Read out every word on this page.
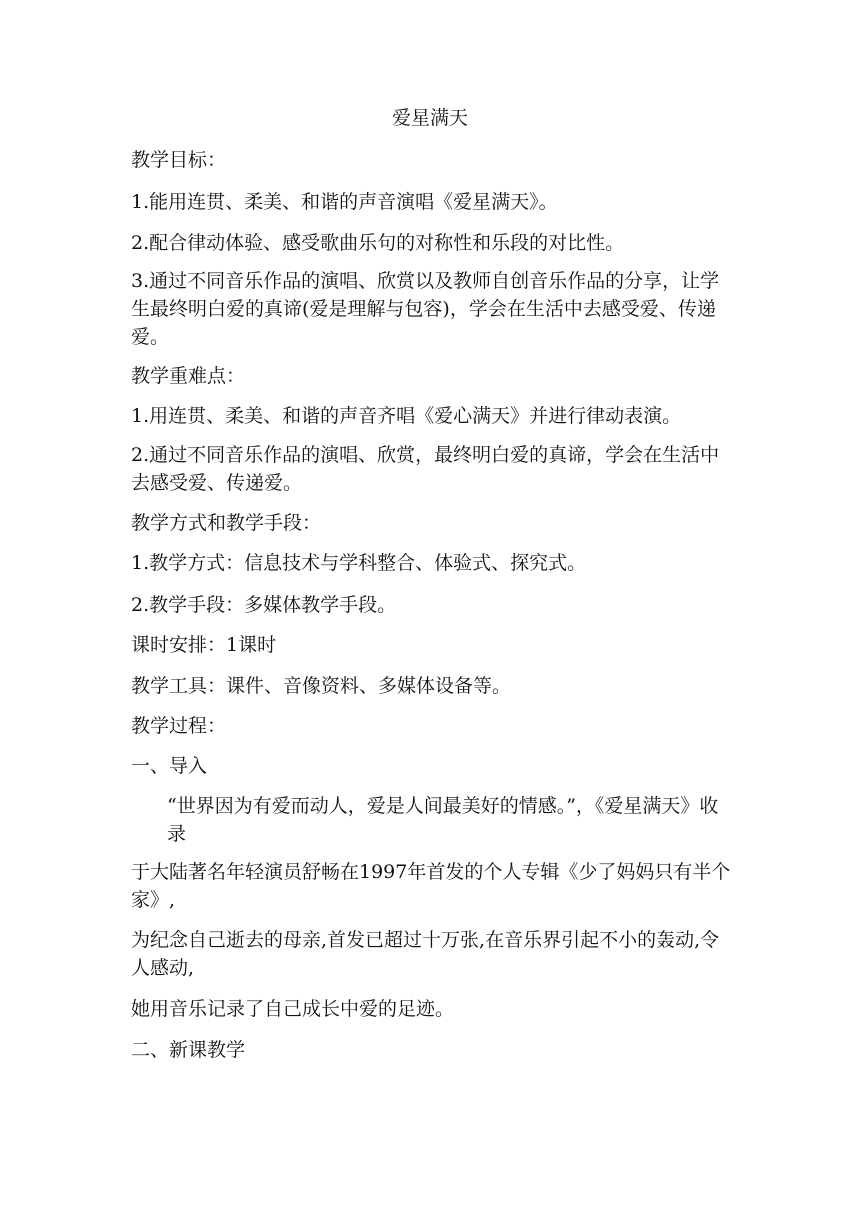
爱星满天

教学目标：

1.能用连贯、柔美、和谐的声音演唱《爱星满天》。

2.配合律动体验、感受歌曲乐句的对称性和乐段的对比性。

3.通过不同音乐作品的演唱、欣赏以及教师自创音乐作品的分享，让学生最终明白爱的真谛(爱是理解与包容)，学会在生活中去感受爱、传递爱。

教学重难点：

1.用连贯、柔美、和谐的声音齐唱《爱心满天》并进行律动表演。

2.通过不同音乐作品的演唱、欣赏，最终明白爱的真谛，学会在生活中去感受爱、传递爱。

教学方式和教学手段：

1.教学方式：信息技术与学科整合、体验式、探究式。

2.教学手段：多媒体教学手段。

课时安排：1课时

教学工具：课件、音像资料、多媒体设备等。

教学过程：

一、导入

“世界因为有爱而动人，爱是人间最美好的情感。”，《爱星满天》收录

于大陆著名年轻演员舒畅在1997年首发的个人专辑《少了妈妈只有半个家》,

为纪念自己逝去的母亲,首发已超过十万张,在音乐界引起不小的轰动,令人感动,

她用音乐记录了自己成长中爱的足迹。

二、新课教学
